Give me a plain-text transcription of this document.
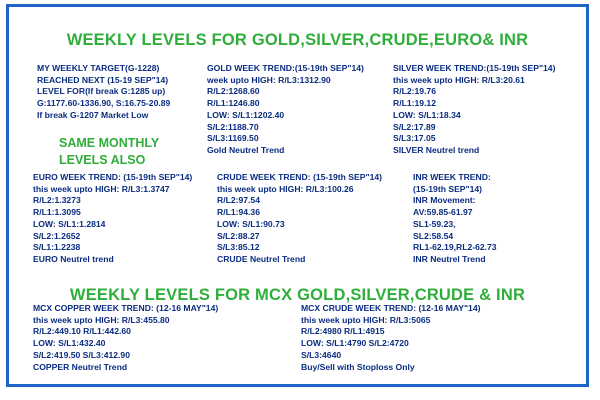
WEEKLY LEVELS FOR GOLD,SILVER,CRUDE,EURO& INR
MY WEEKLY TARGET(G-1228)
REACHED NEXT (15-19 SEP"14)
LEVEL FOR(If break G:1285 up)
G:1177.60-1336.90, S:16.75-20.89
If break G-1207 Market Low
SAME MONTHLY
LEVELS ALSO
GOLD WEEK TREND:(15-19th SEP"14)
week upto HIGH: R/L3:1312.90
R/L2:1268.60
R/L1:1246.80
LOW: S/L1:1202.40
S/L2:1188.70
S/L3:1169.50
Gold Neutrel Trend
SILVER WEEK TREND:(15-19th SEP"14)
this week upto HIGH: R/L3:20.61
R/L2:19.76
R/L1:19.12
LOW: S/L1:18.34
S/L2:17.89
S/L3:17.05
SILVER Neutrel trend
EURO WEEK TREND: (15-19th SEP"14)
this week upto HIGH: R/L3:1.3747
R/L2:1.3273
R/L1:1.3095
LOW: S/L1:1.2814
S/L2:1.2652
S/L1:1.2238
EURO Neutrel trend
CRUDE WEEK TREND: (15-19th SEP"14)
this week upto HIGH: R/L3:100.26
R/L2:97.54
R/L1:94.36
LOW: S/L1:90.73
S/L2:88.27
S/L3:85.12
CRUDE Neutrel Trend
INR WEEK TREND:
(15-19th SEP"14)
INR Movement:
AV:59.85-61.97
SL1-59.23,
SL2:58.54
RL1-62.19,RL2-62.73
INR Neutrel Trend
WEEKLY LEVELS FOR MCX GOLD,SILVER,CRUDE & INR
MCX COPPER WEEK TREND: (12-16 MAY"14)
this week upto HIGH: R/L3:455.80
R/L2:449.10 R/L1:442.60
LOW: S/L1:432.40
S/L2:419.50 S/L3:412.90
COPPER Neutrel Trend
MCX CRUDE WEEK TREND: (12-16 MAY"14)
this week upto HIGH: R/L3:5065
R/L2:4980 R/L1:4915
LOW: S/L1:4790 S/L2:4720
S/L3:4640
Buy/Sell with Stoploss Only
